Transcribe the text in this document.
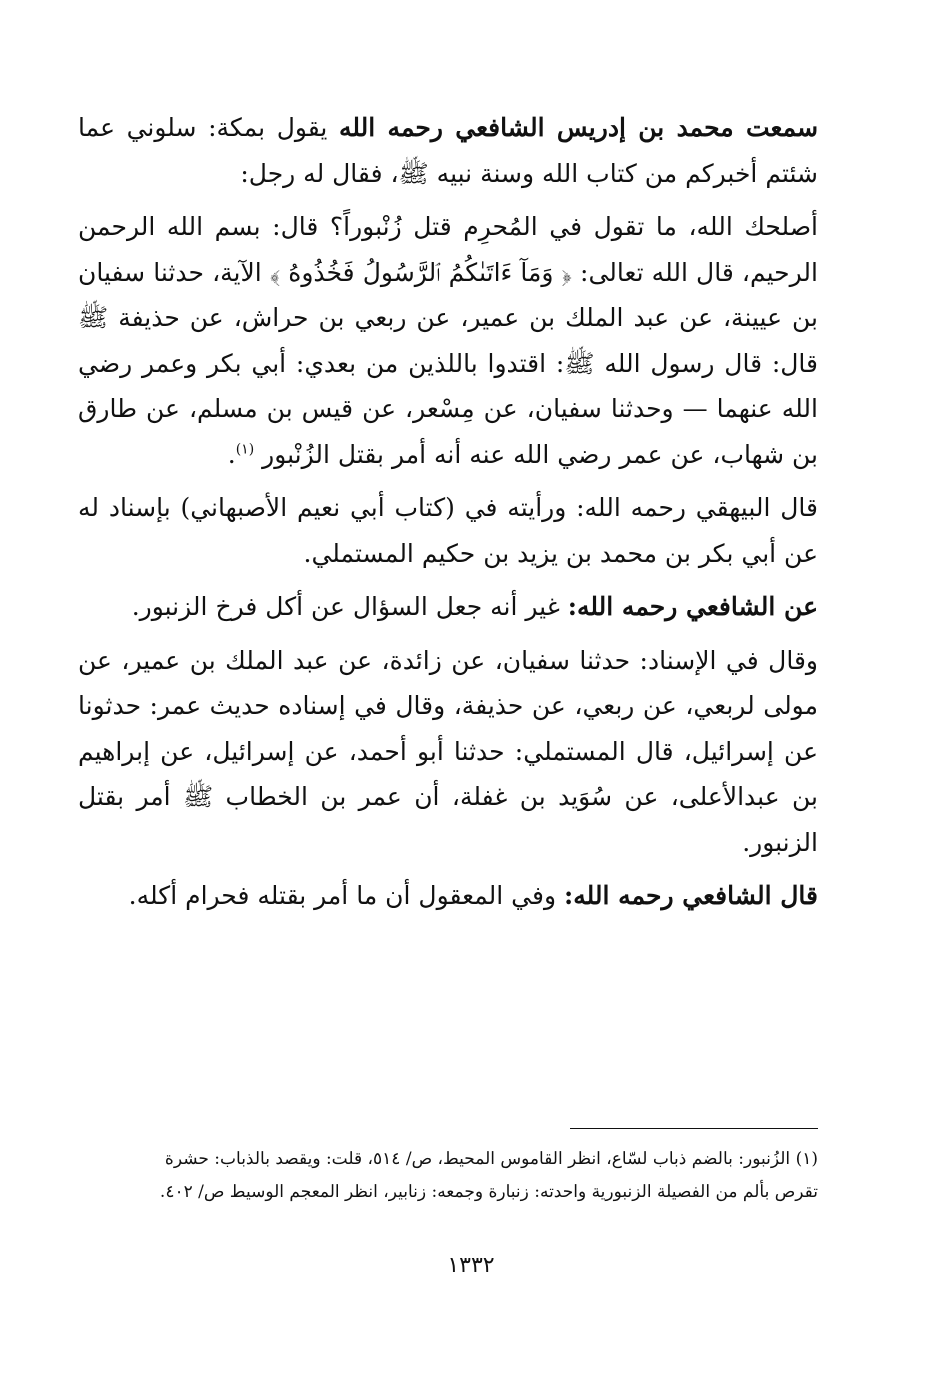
سمعت محمد بن إدريس الشافعي رحمه الله يقول بمكة: سلوني عما شئتم أخبركم من كتاب الله وسنة نبيه ﷺ، فقال له رجل:

أصلحك الله، ما تقول في المُحرِم قتل زُنْبوراً؟ قال: بسم الله الرحمن الرحيم، قال الله تعالى: ﴿ وَمَآ ءَاتَىٰكُمُ ٱلرَّسُولُ فَخُذُوهُ ﴾ الآية، حدثنا سفيان بن عيينة، عن عبد الملك بن عمير، عن ربعي بن حراش، عن حذيفة ﷺ قال: قال رسول الله ﷺ: اقتدوا باللذين من بعدي: أبي بكر وعمر رضي الله عنهما — وحدثنا سفيان، عن مِسْعر، عن قيس بن مسلم، عن طارق بن شهاب، عن عمر رضي الله عنه أنه أمر بقتل الزُنْبور $^{(١)}$.

قال البيهقي رحمه الله: ورأيته في (كتاب أبي نعيم الأصبهاني) بإسناد له عن أبي بكر بن محمد بن يزيد بن حكيم المستملي.

عن الشافعي رحمه الله: غير أنه جعل السؤال عن أكل فرخ الزنبور.

وقال في الإسناد: حدثنا سفيان، عن زائدة، عن عبد الملك بن عمير، عن مولى لربعي، عن ربعي، عن حذيفة، وقال في إسناده حديث عمر: حدثونا عن إسرائيل، قال المستملي: حدثنا أبو أحمد، عن إسرائيل، عن إبراهيم بن عبدالأعلى، عن سُوَيد بن غفلة، أن عمر بن الخطاب ﷺ أمر بقتل الزنبور.

قال الشافعي رحمه الله: وفي المعقول أن ما أمر بقتله فحرام أكله.

(١) الزُنبور: بالضم ذباب لسّاع، انظر القاموس المحيط، ص/ ٥١٤، قلت: ويقصد بالذباب: حشرة

تقرص بألم من الفصيلة الزنبورية واحدته: زنبارة وجمعه: زنابير، انظر المعجم الوسيط ص/ ٤٠٢.

١٣٣٢
